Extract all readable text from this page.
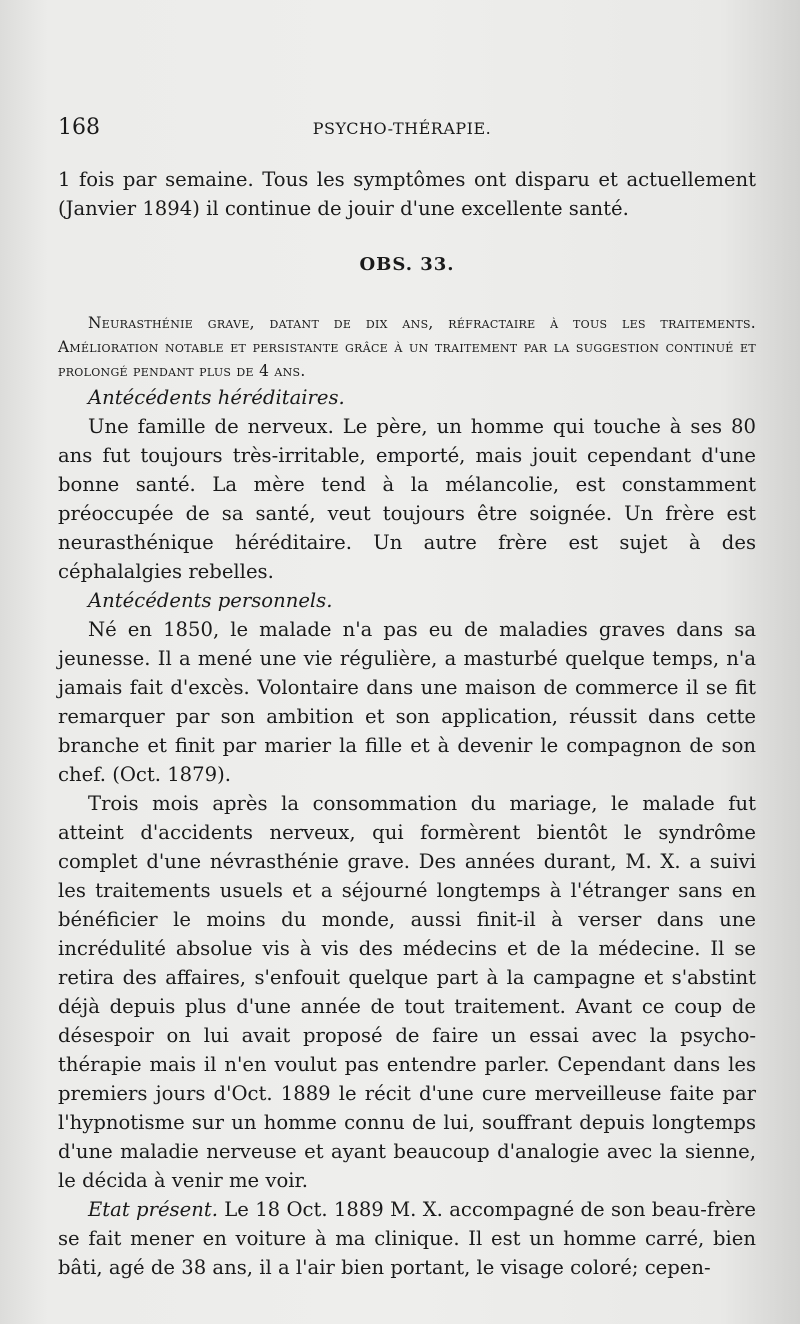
168	PSYCHO-THÉRAPIE.

1 fois par semaine. Tous les symptômes ont disparu et actuellement (Janvier 1894) il continue de jouir d'une excellente santé.

OBS. 33.

Neurasthénie grave, datant de dix ans, réfractaire à tous les traitements. Amélioration notable et persistante grâce à un traitement par la suggestion continué et prolongé pendant plus de 4 ans.

Antécédents héréditaires.

Une famille de nerveux. Le père, un homme qui touche à ses 80 ans fut toujours très-irritable, emporté, mais jouit cependant d'une bonne santé. La mère tend à la mélancolie, est constamment préoccupée de sa santé, veut toujours être soignée. Un frère est neurasthénique héréditaire. Un autre frère est sujet à des céphalalgies rebelles.

Antécédents personnels.

Né en 1850, le malade n'a pas eu de maladies graves dans sa jeunesse. Il a mené une vie régulière, a masturbé quelque temps, n'a jamais fait d'excès. Volontaire dans une maison de commerce il se fit remarquer par son ambition et son application, réussit dans cette branche et finit par marier la fille et à devenir le compagnon de son chef. (Oct. 1879).

Trois mois après la consommation du mariage, le malade fut atteint d'accidents nerveux, qui formèrent bientôt le syndrôme complet d'une névrasthénie grave. Des années durant, M. X. a suivi les traitements usuels et a séjourné longtemps à l'étranger sans en bénéficier le moins du monde, aussi finit-il à verser dans une incrédulité absolue vis à vis des médecins et de la médecine. Il se retira des affaires, s'enfouit quelque part à la campagne et s'abstint déjà depuis plus d'une année de tout traitement. Avant ce coup de désespoir on lui avait proposé de faire un essai avec la psycho-thérapie mais il n'en voulut pas entendre parler. Cependant dans les premiers jours d'Oct. 1889 le récit d'une cure merveilleuse faite par l'hypnotisme sur un homme connu de lui, souffrant depuis longtemps d'une maladie nerveuse et ayant beaucoup d'analogie avec la sienne, le décida à venir me voir.

Etat présent. Le 18 Oct. 1889 M. X. accompagné de son beau-frère se fait mener en voiture à ma clinique. Il est un homme carré, bien bâti, agé de 38 ans, il a l'air bien portant, le visage coloré; cepen-
